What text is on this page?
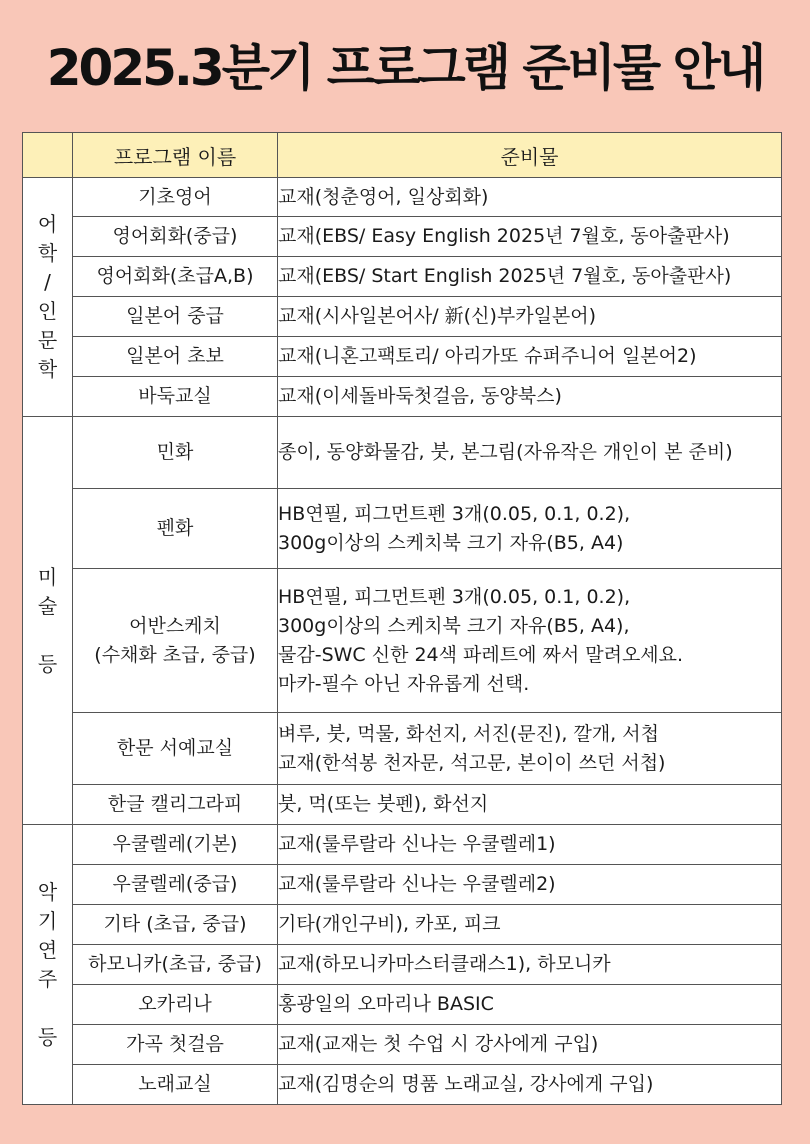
2025.3분기 프로그램 준비물 안내
	프로그램 이름	준비물

어학
/
인문학	기초영어	교재(청춘영어, 일상회화)
	영어회화(중급)	교재(EBS/ Easy English 2025년 7월호, 동아출판사)
	영어회화(초급A,B)	교재(EBS/ Start English 2025년 7월호, 동아출판사)
	일본어 중급	교재(시사일본어사/ 新(신)부카일본어)
	일본어 초보	교재(니혼고팩토리/ 아리가또 슈퍼주니어 일본어2)
	바둑교실	교재(이세돌바둑첫걸음, 동양북스)

미술

등	민화	종이, 동양화물감, 붓, 본그림(자유작은 개인이 본 준비)
	펜화	HB연필, 피그먼트펜 3개(0.05, 0.1, 0.2),
300g이상의 스케치북 크기 자유(B5, A4)
	어반스케치
(수채화 초급, 중급)	HB연필, 피그먼트펜 3개(0.05, 0.1, 0.2),
300g이상의 스케치북 크기 자유(B5, A4),
물감-SWC 신한 24색 파레트에 짜서 말려오세요.
마카-필수 아닌 자유롭게 선택.
	한문 서예교실	벼루, 붓, 먹물, 화선지, 서진(문진), 깔개, 서첩
교재(한석봉 천자문, 석고문, 본이이 쓰던 서첩)
	한글 캘리그라피	붓, 먹(또는 붓펜), 화선지

악기연주

등	우쿨렐레(기본)	교재(룰루랄라 신나는 우쿨렐레1)
	우쿨렐레(중급)	교재(룰루랄라 신나는 우쿨렐레2)
	기타 (초급, 중급)	기타(개인구비), 카포, 피크
	하모니카(초급, 중급)	교재(하모니카마스터클래스1), 하모니카
	오카리나	홍광일의 오마리나 BASIC
	가곡 첫걸음	교재(교재는 첫 수업 시 강사에게 구입)
	노래교실	교재(김명순의 명품 노래교실, 강사에게 구입)
